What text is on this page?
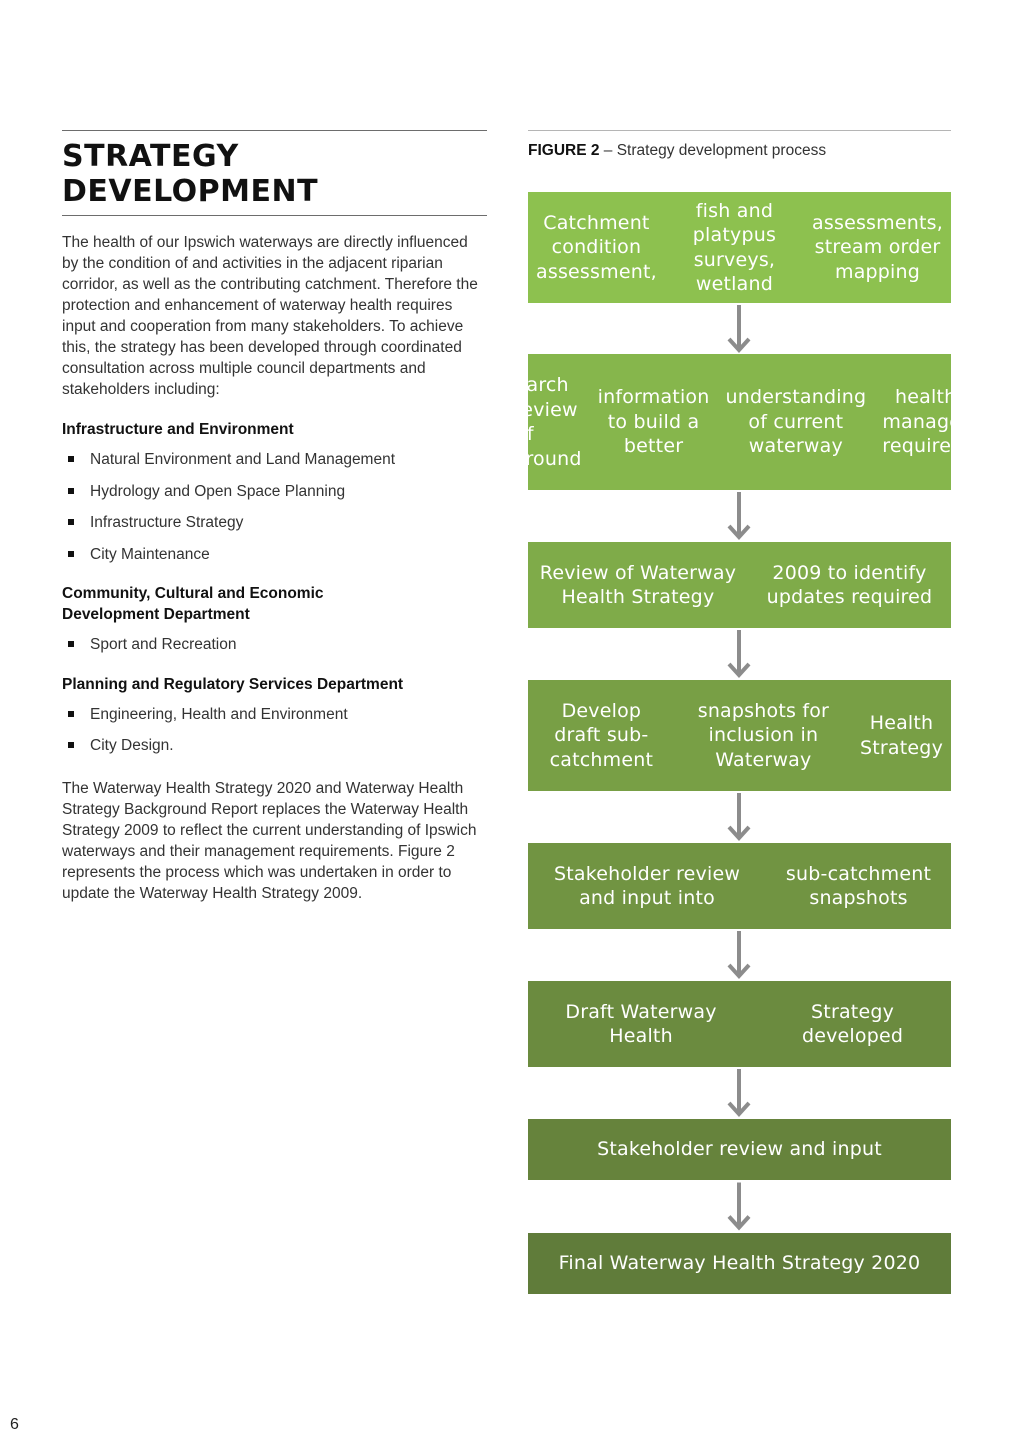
STRATEGY
DEVELOPMENT

The health of our Ipswich waterways are directly influenced by the condition of and activities in the adjacent riparian corridor, as well as the contributing catchment. Therefore the protection and enhancement of waterway health requires input and cooperation from many stakeholders. To achieve this, the strategy has been developed through coordinated consultation across multiple council departments and stakeholders including:

Infrastructure and Environment

Natural Environment and Land Management
Hydrology and Open Space Planning
Infrastructure Strategy
City Maintenance

Community, Cultural and Economic
Development Department

Sport and Recreation

Planning and Regulatory Services Department

Engineering, Health and Environment
City Design.

The Waterway Health Strategy 2020 and Waterway Health Strategy Background Report replaces the Waterway Health Strategy 2009 to reflect the current understanding of Ipswich waterways and their management requirements. Figure 2 represents the process which was undertaken in order to update the Waterway Health Strategy 2009.

FIGURE 2 – Strategy development process

Catchment condition assessment,
fish and platypus surveys, wetland
assessments, stream order mapping
Research and review of background
information to build a better
understanding of current waterway
health and management requirements
Review of Waterway Health Strategy
2009 to identify updates required
Develop draft sub-catchment
snapshots for inclusion in Waterway
Health Strategy
Stakeholder review and input into
sub-catchment snapshots
Draft Waterway Health
Strategy developed
Stakeholder review and input
Final Waterway Health Strategy 2020
6
